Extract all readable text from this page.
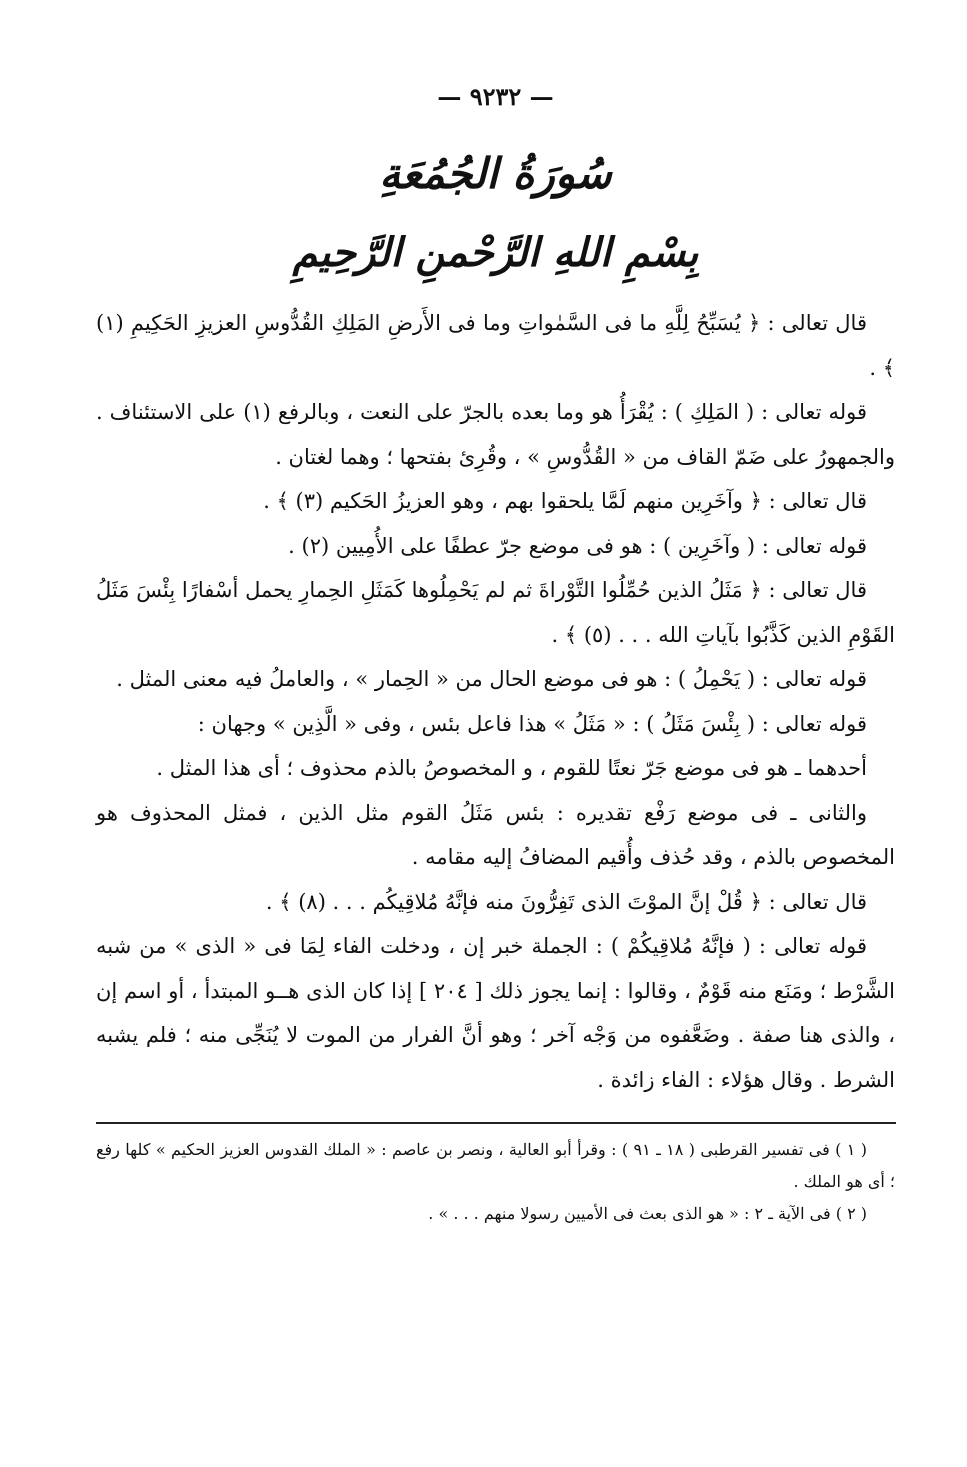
— ٩٢٣٢ —
سُورَةُ الجُمُعَةِ
بِسْمِ اللهِ الرَّحْمنِ الرَّحِيمِ

قال تعالى : ﴿ يُسَبِّحُ لِلَّهِ ما فى السَّمٰواتِ وما فى الأَرضِ المَلِكِ القُدُّوسِ العزيزِ الحَكِيمِ (١) ﴾ .

قوله تعالى : ( المَلِكِ ) : يُقْرَأُ هو وما بعده بالجرّ على النعت ، وبالرفع (١) على الاستئناف . والجمهورُ على ضَمّ القاف من « القُدُّوسِ » ، وقُرِئ بفتحها ؛ وهما لغتان .

قال تعالى : ﴿ وآخَرِين منهم لَمَّا يلحقوا بهم ، وهو العزيزُ الحَكيم (٣) ﴾ .

قوله تعالى : ( وآخَرِين ) : هو فى موضع جرّ عطفًا على الأُمِيين (٢) .

قال تعالى : ﴿ مَثَلُ الذين حُمِّلُوا التَّوْراةَ ثم لم يَحْمِلُوها كَمَثَلِ الحِمارِ يحمل أسْفارًا بِئْسَ مَثَلُ القَوْمِ الذين كَذَّبُوا بآياتِ الله . . . (٥) ﴾ .

قوله تعالى : ( يَحْمِلُ ) : هو فى موضع الحال من « الحِمار » ، والعاملُ فيه معنى المثل .

قوله تعالى : ( بِئْسَ مَثَلُ ) : « مَثَلُ » هذا فاعل بئس ، وفى « الَّذِين » وجهان :

أحدهما ـ هو فى موضع جَرّ نعتًا للقوم ، و المخصوصُ بالذم محذوف ؛ أى هذا المثل .

والثانى ـ فى موضع رَفْع تقديره : بئس مَثَلُ القوم مثل الذين ، فمثل المحذوف هو المخصوص بالذم ، وقد حُذف وأُقيم المضافُ إليه مقامه .

قال تعالى : ﴿ قُلْ إنَّ الموْتَ الذى تَفِرُّونَ منه فإنَّهُ مُلاقِيكُم . . . (٨) ﴾ .

قوله تعالى : ( فإنَّهُ مُلاقِيكُمْ ) : الجملة خبر إن ، ودخلت الفاء لِمَا فى « الذى » من شبه الشَّرْط ؛ ومَنَع منه قَوْمٌ ، وقالوا : إنما يجوز ذلك [ ٢٠٤ ] إذا كان الذى هــو المبتدأ ، أو اسم إن ، والذى هنا صفة . وضَعَّفوه من وَجْه آخر ؛ وهو أنَّ الفرار من الموت لا يُنَجِّى منه ؛ فلم يشبه الشرط . وقال هؤلاء : الفاء زائدة .

( ١ ) فى تفسير القرطبى ( ١٨ ـ ٩١ ) : وقرأ أبو العالية ، ونصر بن عاصم : « الملك القدوس العزيز الحكيم » كلها رفع ؛ أى هو الملك .

( ٢ ) فى الآية ـ ٢ : « هو الذى بعث فى الأميين رسولا منهم . . . » .
